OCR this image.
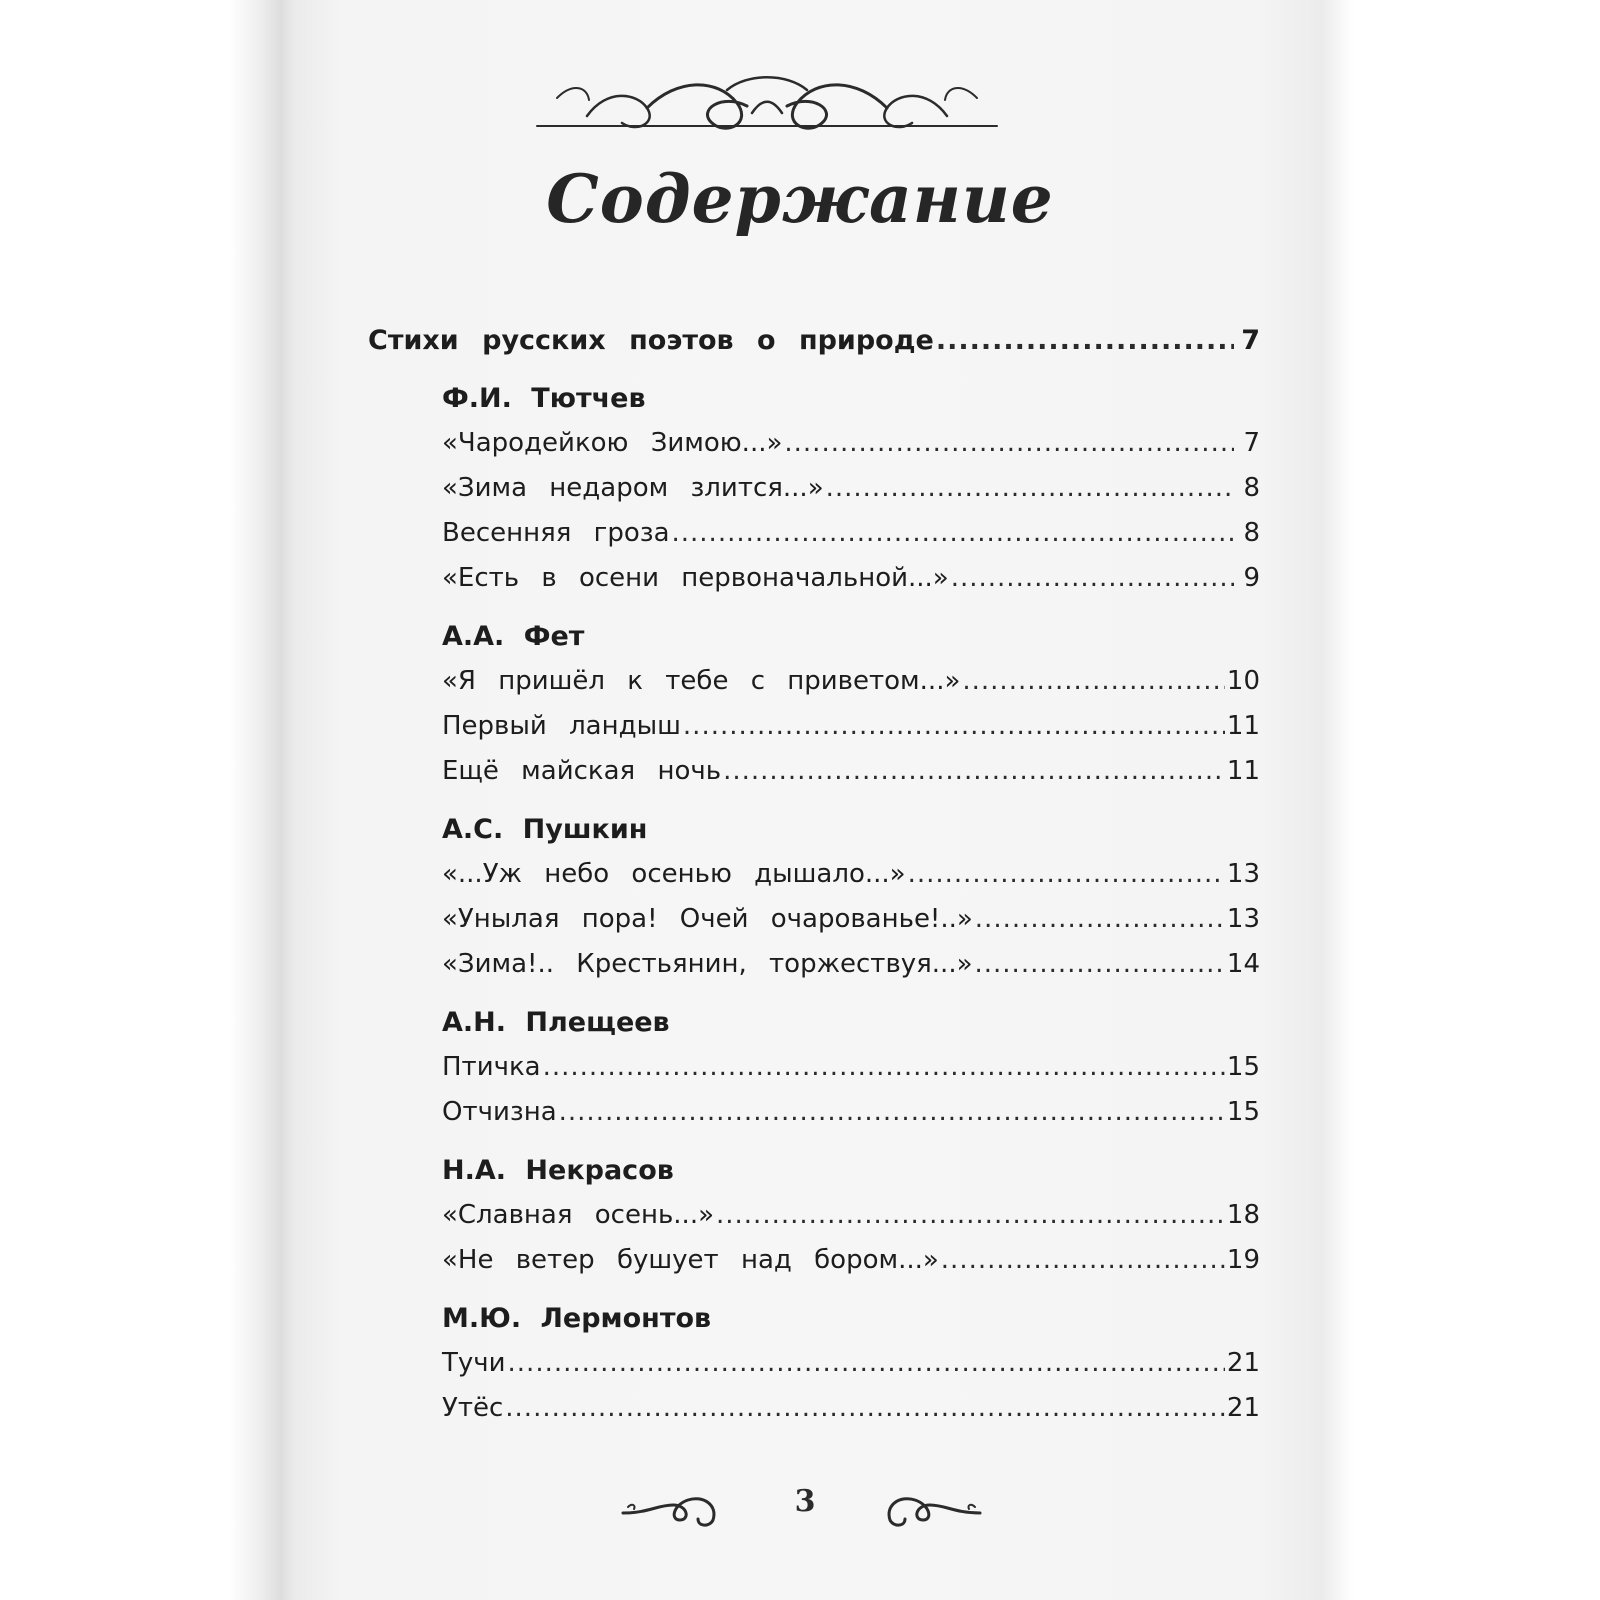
Содержание
Стихи русских поэтов о природе .....	7
Ф.И. Тютчев
«Чародейкою Зимою...» .....	7
«Зима недаром злится...» .....	8
Весенняя гроза .....	8
«Есть в осени первоначальной...» .....	9
А.А. Фет
«Я пришёл к тебе с приветом...» .....	10
Первый ландыш .....	11
Ещё майская ночь .....	11
А.С. Пушкин
«...Уж небо осенью дышало...» .....	13
«Унылая пора! Очей очарованье!..» .....	13
«Зима!.. Крестьянин, торжествуя...» .....	14
А.Н. Плещеев
Птичка .....	15
Отчизна .....	15
Н.А. Некрасов
«Славная осень...» .....	18
«Не ветер бушует над бором...» .....	19
М.Ю. Лермонтов
Тучи .....	21
Утёс .....	21
3
